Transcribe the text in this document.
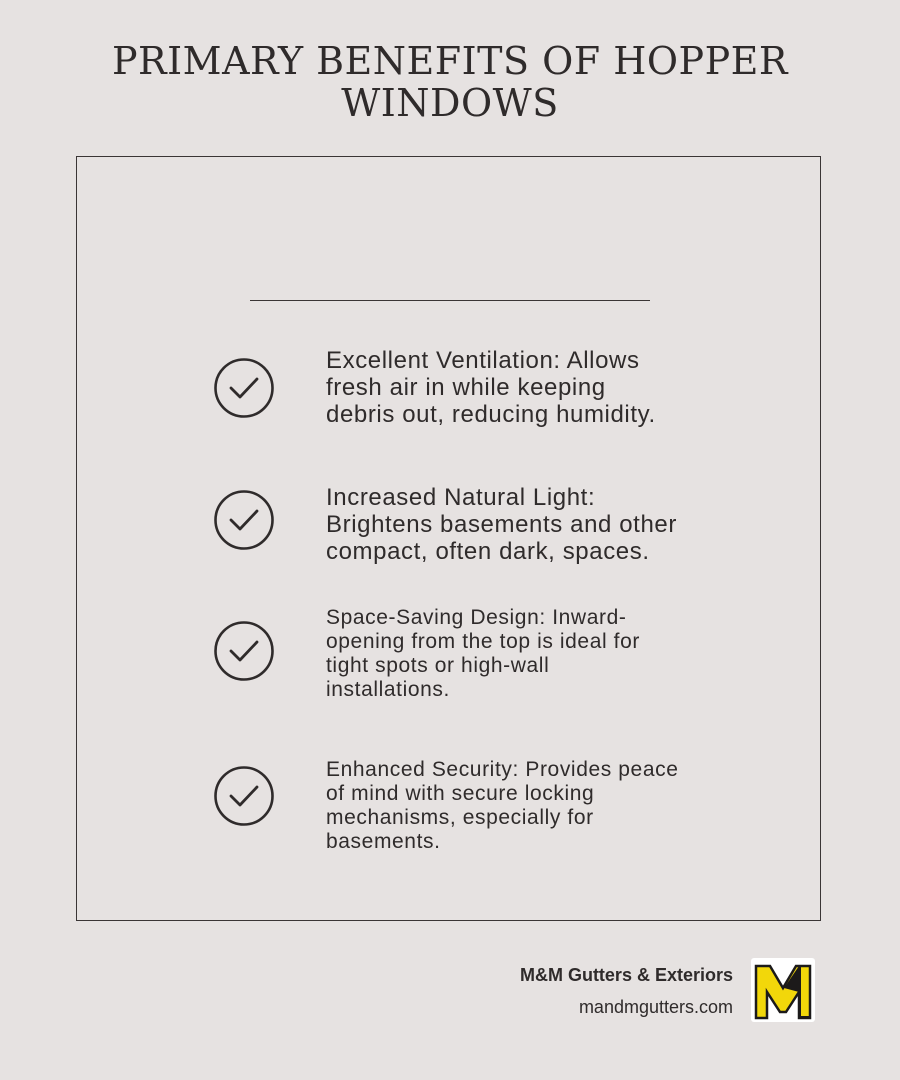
PRIMARY BENEFITS OF HOPPER
WINDOWS
Excellent Ventilation: Allows
fresh air in while keeping
debris out, reducing humidity.
Increased Natural Light:
Brightens basements and other
compact, often dark, spaces.
Space-Saving Design: Inward-
opening from the top is ideal for
tight spots or high-wall
installations.
Enhanced Security: Provides peace
of mind with secure locking
mechanisms, especially for
basements.
M&M Gutters & Exteriors
mandmgutters.com
